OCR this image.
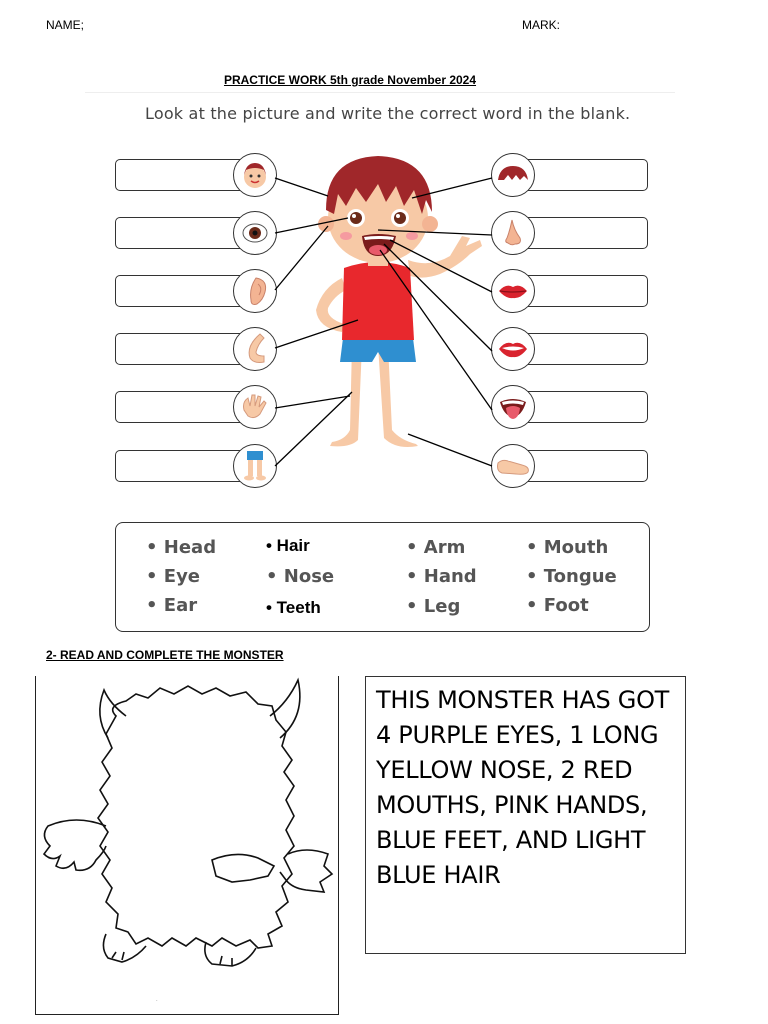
NAME;	MARK:
PRACTICE WORK 5th grade November 2024
Look at the picture and write the correct word in the blank.
• Head
• Eye
• Ear
• Hair
• Nose
• Teeth
• Arm
• Hand
• Leg
• Mouth
• Tongue
• Foot
2- READ AND COMPLETE THE MONSTER
.
THIS MONSTER HAS GOT 4 PURPLE EYES, 1 LONG YELLOW NOSE, 2 RED MOUTHS, PINK HANDS, BLUE FEET, AND LIGHT BLUE HAIR
